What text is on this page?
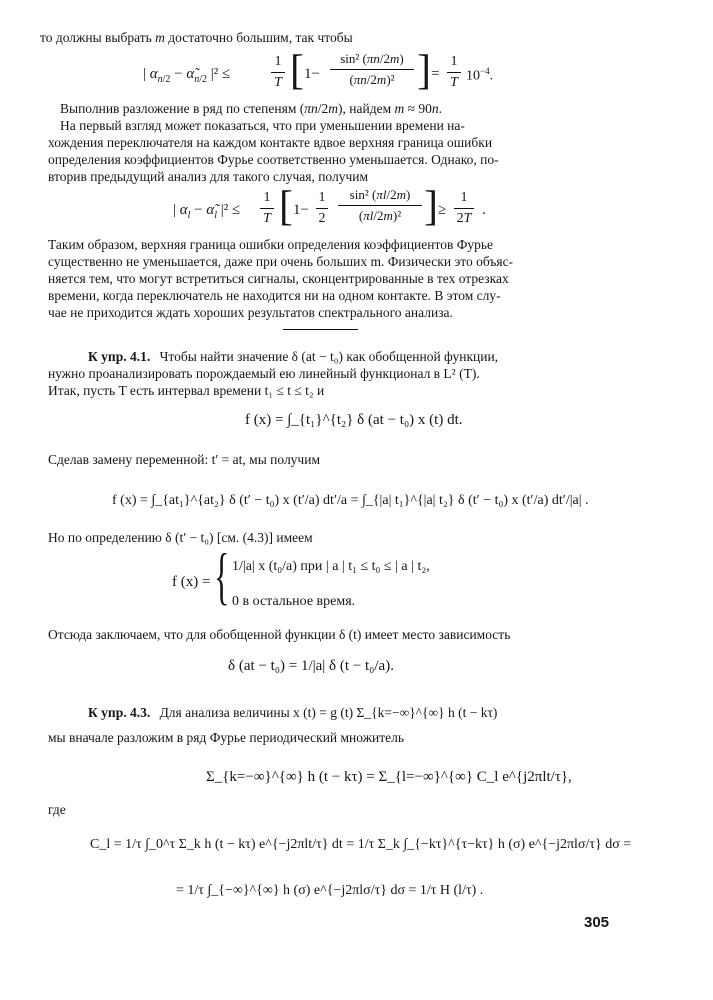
то должны выбрать m достаточно большим, так чтобы
| $\alpha_{n/2}$ − $\alphã_{n/2}$ |² ≤
1
T [ 1−
sin² (πn/2m)
(πn/2m)² ] =
1
T $10^{-4}$.
Выполнив разложение в ряд по степеням (πn/2m), найдем m ≈ 90n.
На первый взгляд может показаться, что при уменьшении времени на-
хождения переключателя на каждом контакте вдвое верхняя граница ошибки
определения коэффициентов Фурье соответственно уменьшается. Однако, по-
вторив предыдущий анализ для такого случая, получим
| $\alpha_l$ − $\alphã_l$ |² ≤
1
T [ 1−
1
2
sin² (πl/2m)
(πl/2m)² ] ≥
1
2T
.
Таким образом, верхняя граница ошибки определения коэффициентов Фурье
существенно не уменьшается, даже при очень больших m. Физически это объяс-
няется тем, что могут встретиться сигналы, сконцентрированные в тех отрезках
времени, когда переключатель не находится ни на одном контакте. В этом слу-
чае не приходится ждать хороших результатов спектрального анализа.
К упр. 4.1. Чтобы найти значение δ (at − t₀) как обобщенной функции,
нужно проанализировать порождаемый ею линейный функционал в L² (T).
Итак, пусть T есть интервал времени t₁ ≤ t ≤ t₂ и
f (x) = ∫_{t₁}^{t₂} δ (at − t₀) x (t) dt.
Сделав замену переменной: t′ = at, мы получим
f (x) = ∫_{at₁}^{at₂} δ (t′ − t₀) x (t′/a) dt′/a = ∫_{|a| t₁}^{|a| t₂} δ (t′ − t₀) x (t′/a) dt′/|a| .
Но по определению δ (t′ − t₀) [см. (4.3)] имеем
f (x) = { 1/|a| x (t₀/a) при | a | t₁ ≤ t₀ ≤ | a | t₂,
0 в остальное время.
Отсюда заключаем, что для обобщенной функции δ (t) имеет место зависимость
δ (at − t₀) = 1/|a| δ (t − t₀/a).
К упр. 4.3. Для анализа величины x (t) = g (t) Σ_{k=−∞}^{∞} h (t − kτ)
мы вначале разложим в ряд Фурье периодический множитель
Σ_{k=−∞}^{∞} h (t − kτ) = Σ_{l=−∞}^{∞} C_l e^{j2πlt/τ},
где
C_l = 1/τ ∫_0^τ Σ_k h (t − kτ) e^{−j2πlt/τ} dt = 1/τ Σ_k ∫_{−kτ}^{τ−kτ} h (σ) e^{−j2πlσ/τ} dσ =
= 1/τ ∫_{−∞}^{∞} h (σ) e^{−j2πlσ/τ} dσ = 1/τ H (l/τ) .
305
